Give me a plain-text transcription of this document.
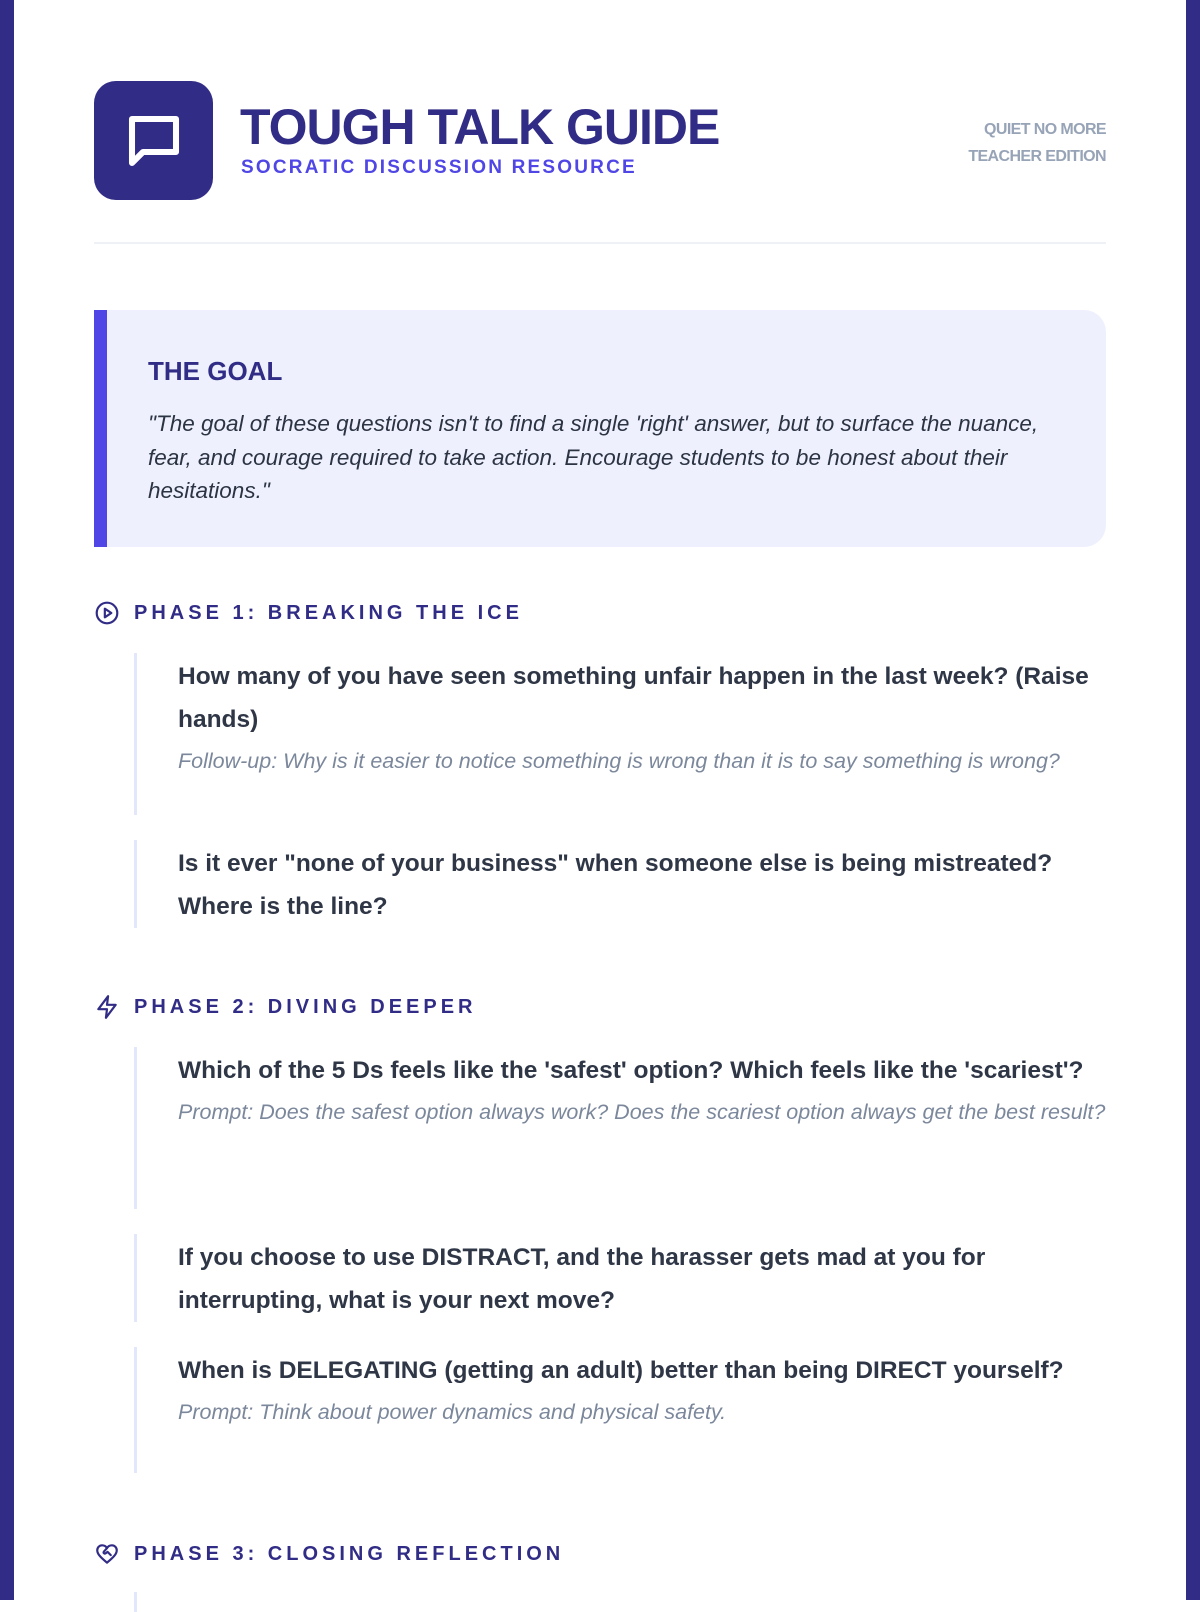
TOUGH TALK GUIDE
SOCRATIC DISCUSSION RESOURCE
QUIET NO MORE
TEACHER EDITION
THE GOAL
"The goal of these questions isn't to find a single 'right' answer, but to surface the nuance, fear, and courage required to take action. Encourage students to be honest about their hesitations."
PHASE 1: BREAKING THE ICE
How many of you have seen something unfair happen in the last week? (Raise hands)
Follow-up: Why is it easier to notice something is wrong than it is to say something is wrong?
Is it ever "none of your business" when someone else is being mistreated? Where is the line?
PHASE 2: DIVING DEEPER
Which of the 5 Ds feels like the 'safest' option? Which feels like the 'scariest'?
Prompt: Does the safest option always work? Does the scariest option always get the best result?
If you choose to use DISTRACT, and the harasser gets mad at you for interrupting, what is your next move?
When is DELEGATING (getting an adult) better than being DIRECT yourself?
Prompt: Think about power dynamics and physical safety.
PHASE 3: CLOSING REFLECTION
